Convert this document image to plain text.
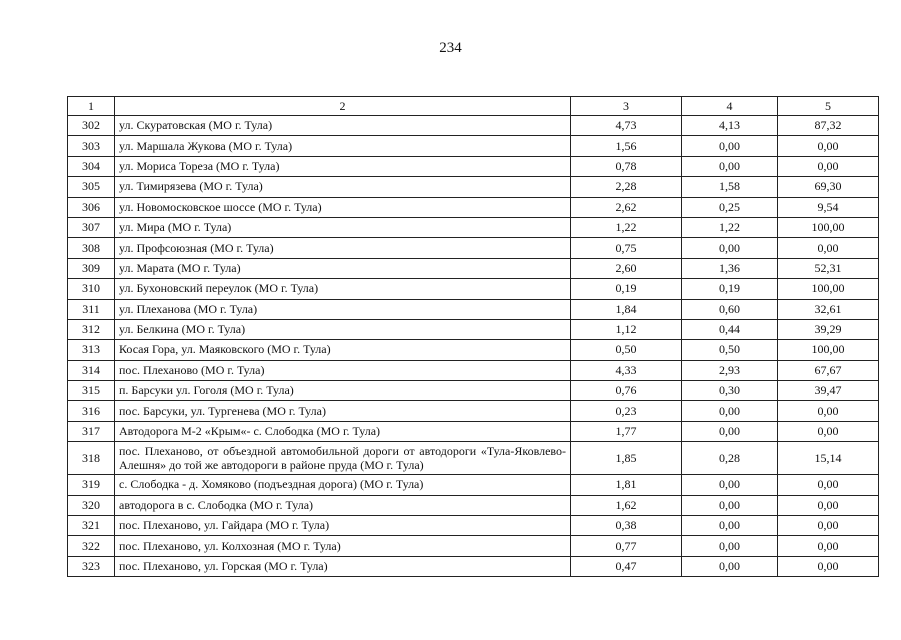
234
1	2	3	4	5
302	ул. Скуратовская (МО г. Тула)	4,73	4,13	87,32
303	ул. Маршала Жукова (МО г. Тула)	1,56	0,00	0,00
304	ул. Мориса Тореза (МО г. Тула)	0,78	0,00	0,00
305	ул. Тимирязева (МО г. Тула)	2,28	1,58	69,30
306	ул. Новомосковское шоссе (МО г. Тула)	2,62	0,25	9,54
307	ул. Мира (МО г. Тула)	1,22	1,22	100,00
308	ул. Профсоюзная (МО г. Тула)	0,75	0,00	0,00
309	ул. Марата (МО г. Тула)	2,60	1,36	52,31
310	ул. Бухоновский переулок (МО г. Тула)	0,19	0,19	100,00
311	ул. Плеханова (МО г. Тула)	1,84	0,60	32,61
312	ул. Белкина (МО г. Тула)	1,12	0,44	39,29
313	Косая Гора, ул. Маяковского (МО г. Тула)	0,50	0,50	100,00
314	пос. Плеханово (МО г. Тула)	4,33	2,93	67,67
315	п. Барсуки ул. Гоголя (МО г. Тула)	0,76	0,30	39,47
316	пос. Барсуки, ул. Тургенева (МО г. Тула)	0,23	0,00	0,00
317	Автодорога М-2 «Крым«- с. Слободка (МО г. Тула)	1,77	0,00	0,00
318	пос. Плеханово, от объездной автомобильной дороги от автодороги «Тула-Яковлево-Алешня» до той же автодороги в районе пруда (МО г. Тула)	1,85	0,28	15,14
319	с. Слободка - д. Хомяково (подъездная дорога) (МО г. Тула)	1,81	0,00	0,00
320	автодорога в с. Слободка (МО г. Тула)	1,62	0,00	0,00
321	пос. Плеханово, ул. Гайдара (МО г. Тула)	0,38	0,00	0,00
322	пос. Плеханово, ул. Колхозная (МО г. Тула)	0,77	0,00	0,00
323	пос. Плеханово, ул. Горская (МО г. Тула)	0,47	0,00	0,00
